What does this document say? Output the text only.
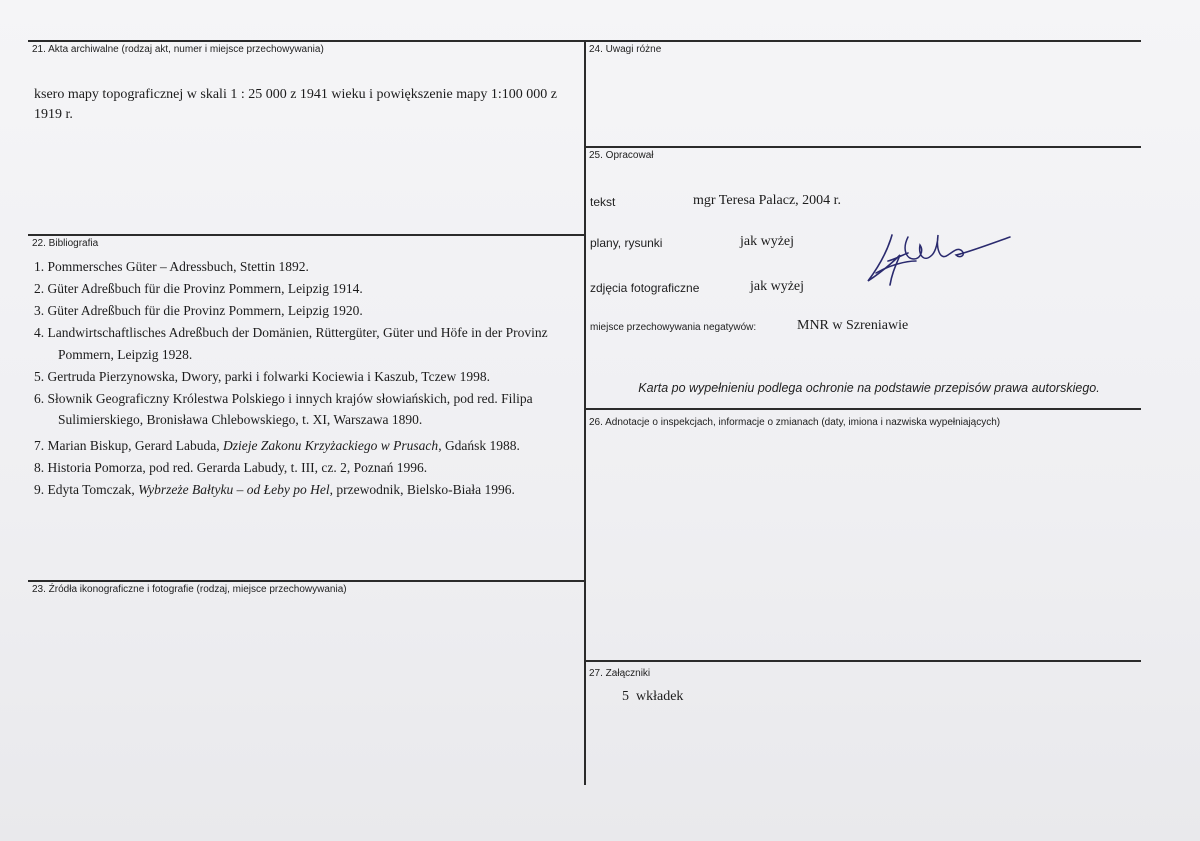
21. Akta archiwalne (rodzaj akt, numer i miejsce przechowywania)
ksero mapy topograficznej w skali 1 : 25 000 z 1941 wieku i powiększenie mapy 1:100 000 z 1919 r.
22. Bibliografia
1. Pommersches Güter – Adressbuch, Stettin 1892.
2. Güter Adreßbuch für die Provinz Pommern, Leipzig 1914.
3. Güter Adreßbuch für die Provinz Pommern, Leipzig 1920.
4. Landwirtschaftlisches Adreßbuch der Domänien, Rüttergüter, Güter und Höfe in der Provinz Pommern, Leipzig 1928.
5. Gertruda Pierzynowska, Dwory, parki i folwarki Kociewia i Kaszub, Tczew 1998.
6. Słownik Geograficzny Królestwa Polskiego i innych krajów słowiańskich, pod red. Filipa Sulimierskiego, Bronisława Chlebowskiego, t. XI, Warszawa 1890.
7. Marian Biskup, Gerard Labuda, Dzieje Zakonu Krzyżackiego w Prusach, Gdańsk 1988.
8. Historia Pomorza, pod red. Gerarda Labudy, t. III, cz. 2, Poznań 1996.
9. Edyta Tomczak, Wybrzeże Bałtyku – od Łeby po Hel, przewodnik, Bielsko-Biała 1996.
23. Źródła ikonograficzne i fotografie (rodzaj, miejsce przechowywania)
24. Uwagi różne
25. Opracował
tekst	mgr Teresa Palacz, 2004 r.
plany, rysunki	jak wyżej
zdjęcia fotograficzne	jak wyżej
miejsce przechowywania negatywów:	MNR w Szreniawie
Karta po wypełnieniu podlega ochronie na podstawie przepisów prawa autorskiego.
26. Adnotacje o inspekcjach, informacje o zmianach (daty, imiona i nazwiska wypełniających)
27. Załączniki
5  wkładek
